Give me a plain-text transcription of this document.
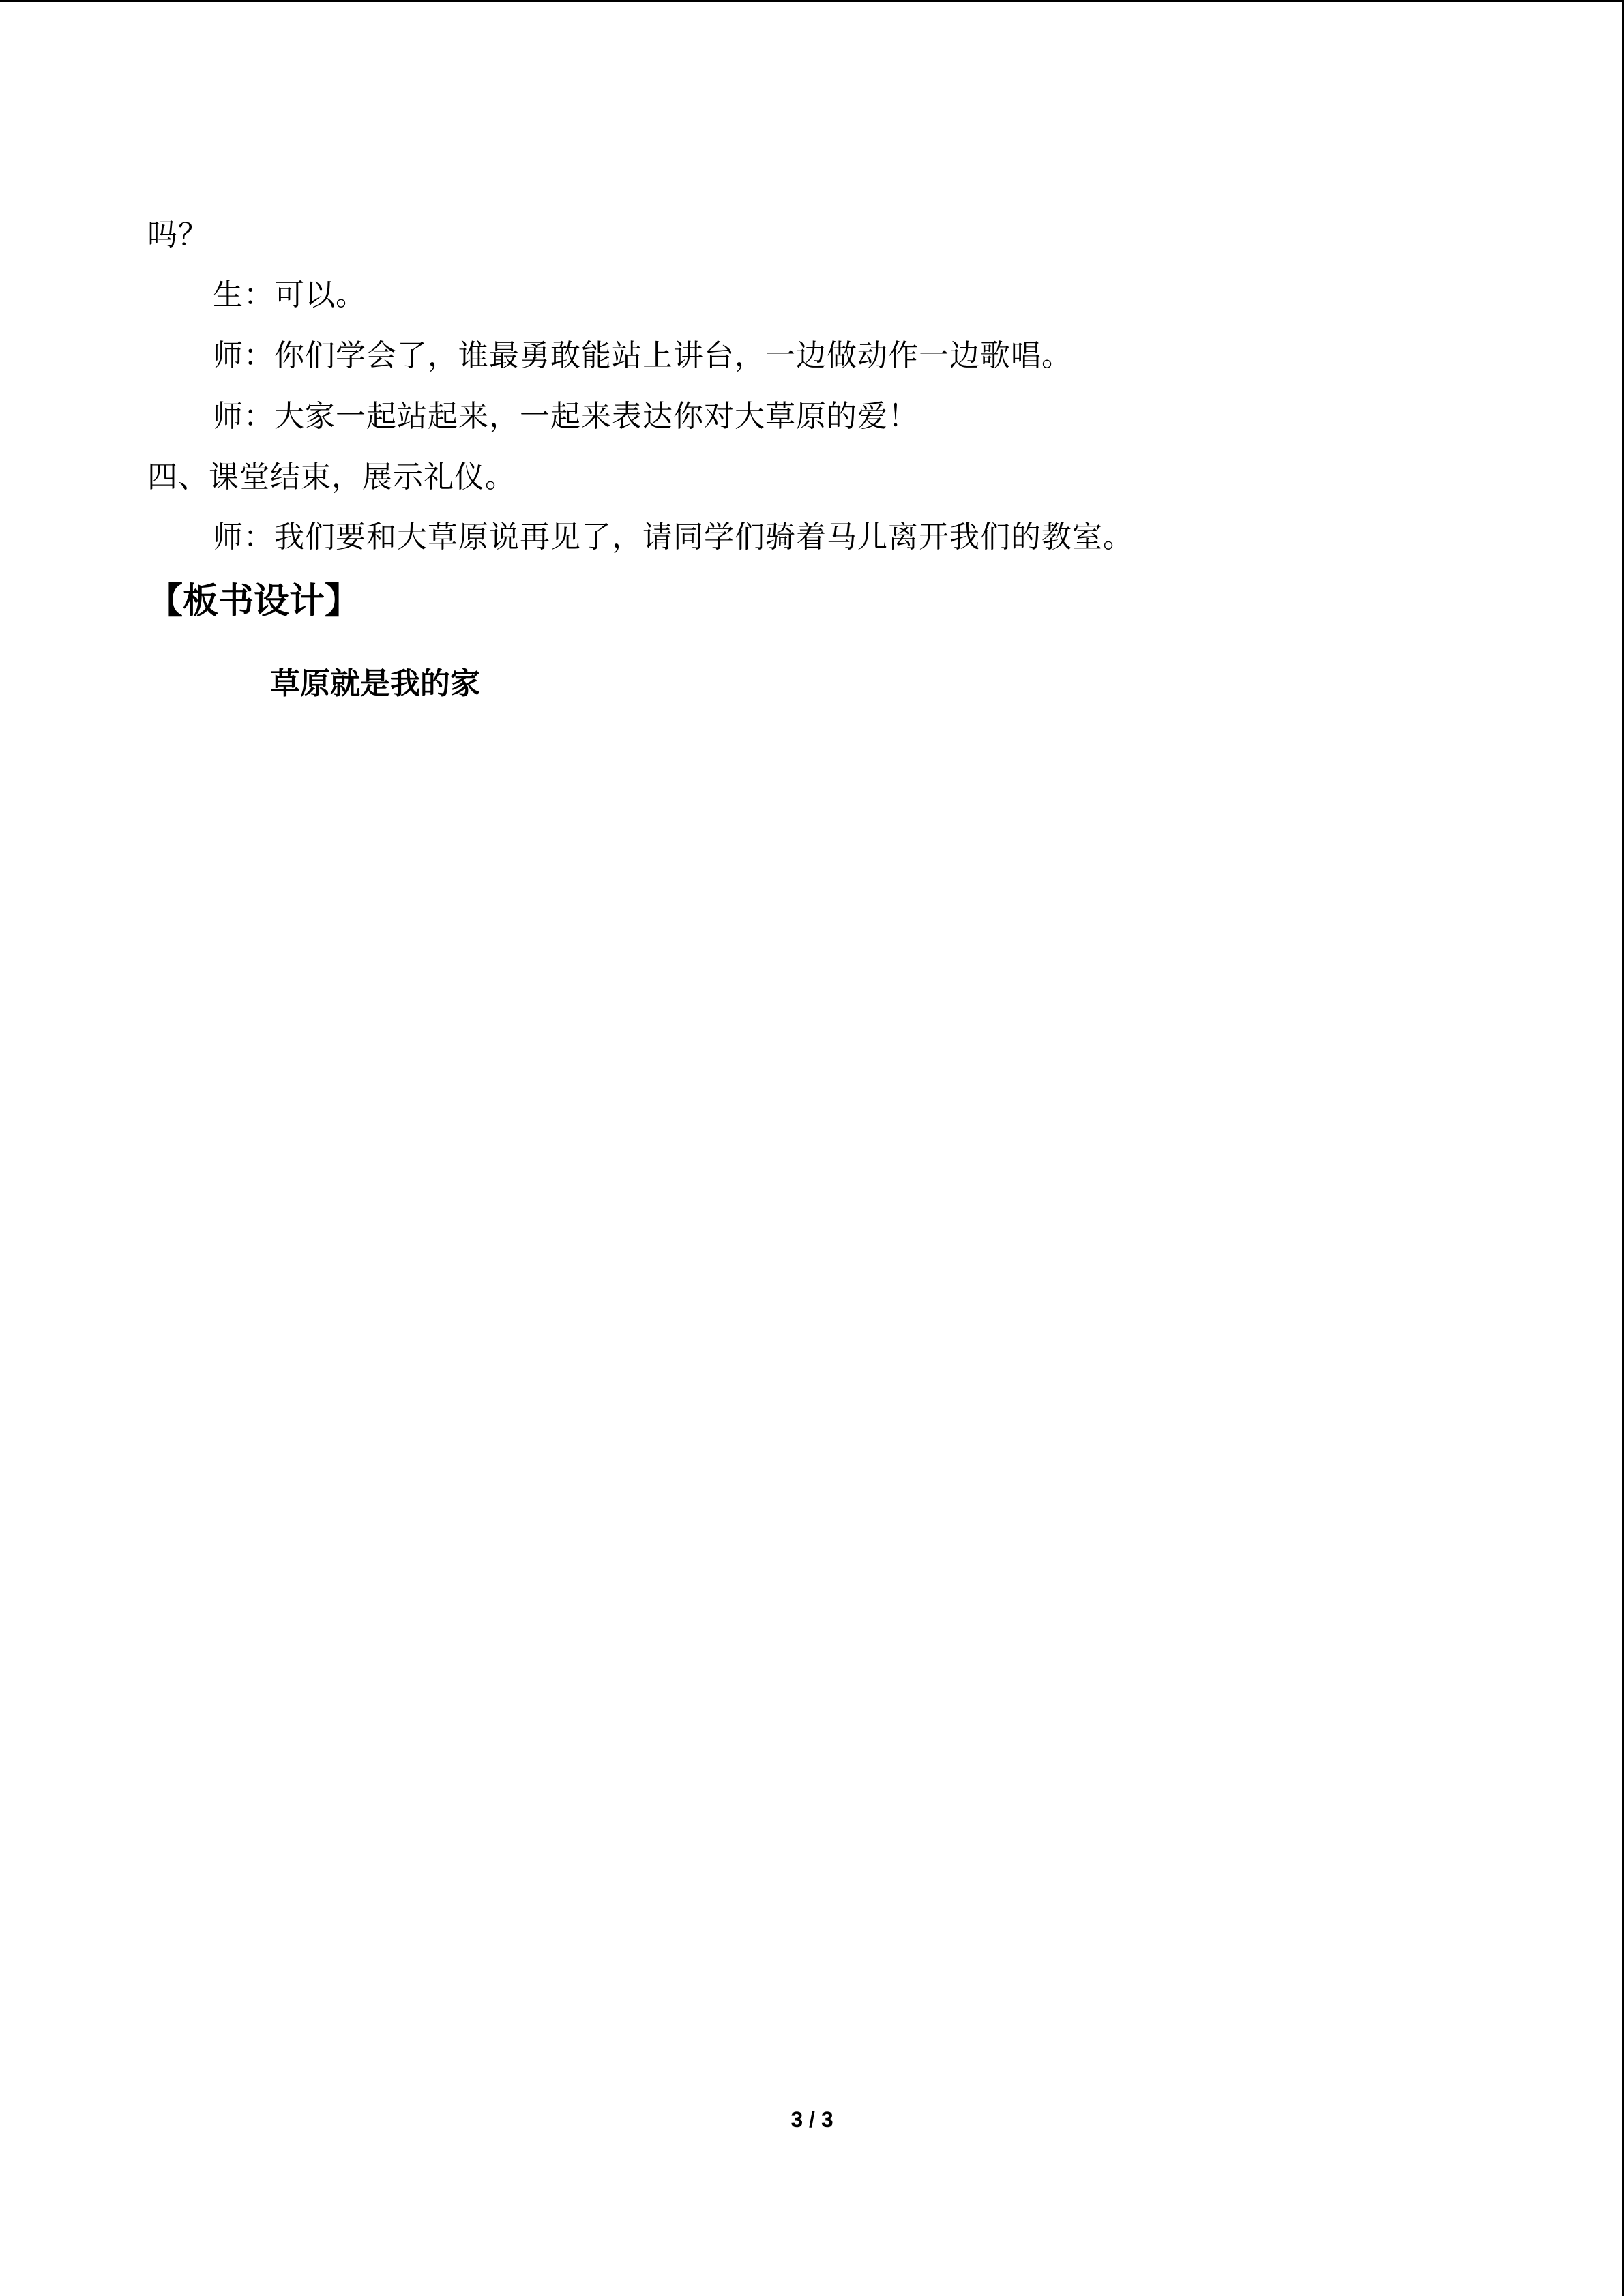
吗？
生：可以。
师：你们学会了，谁最勇敢能站上讲台，一边做动作一边歌唱。
师：大家一起站起来，一起来表达你对大草原的爱！
四、课堂结束，展示礼仪。
师：我们要和大草原说再见了，请同学们骑着马儿离开我们的教室。
【板书设计】
草原就是我的家
3 / 3
